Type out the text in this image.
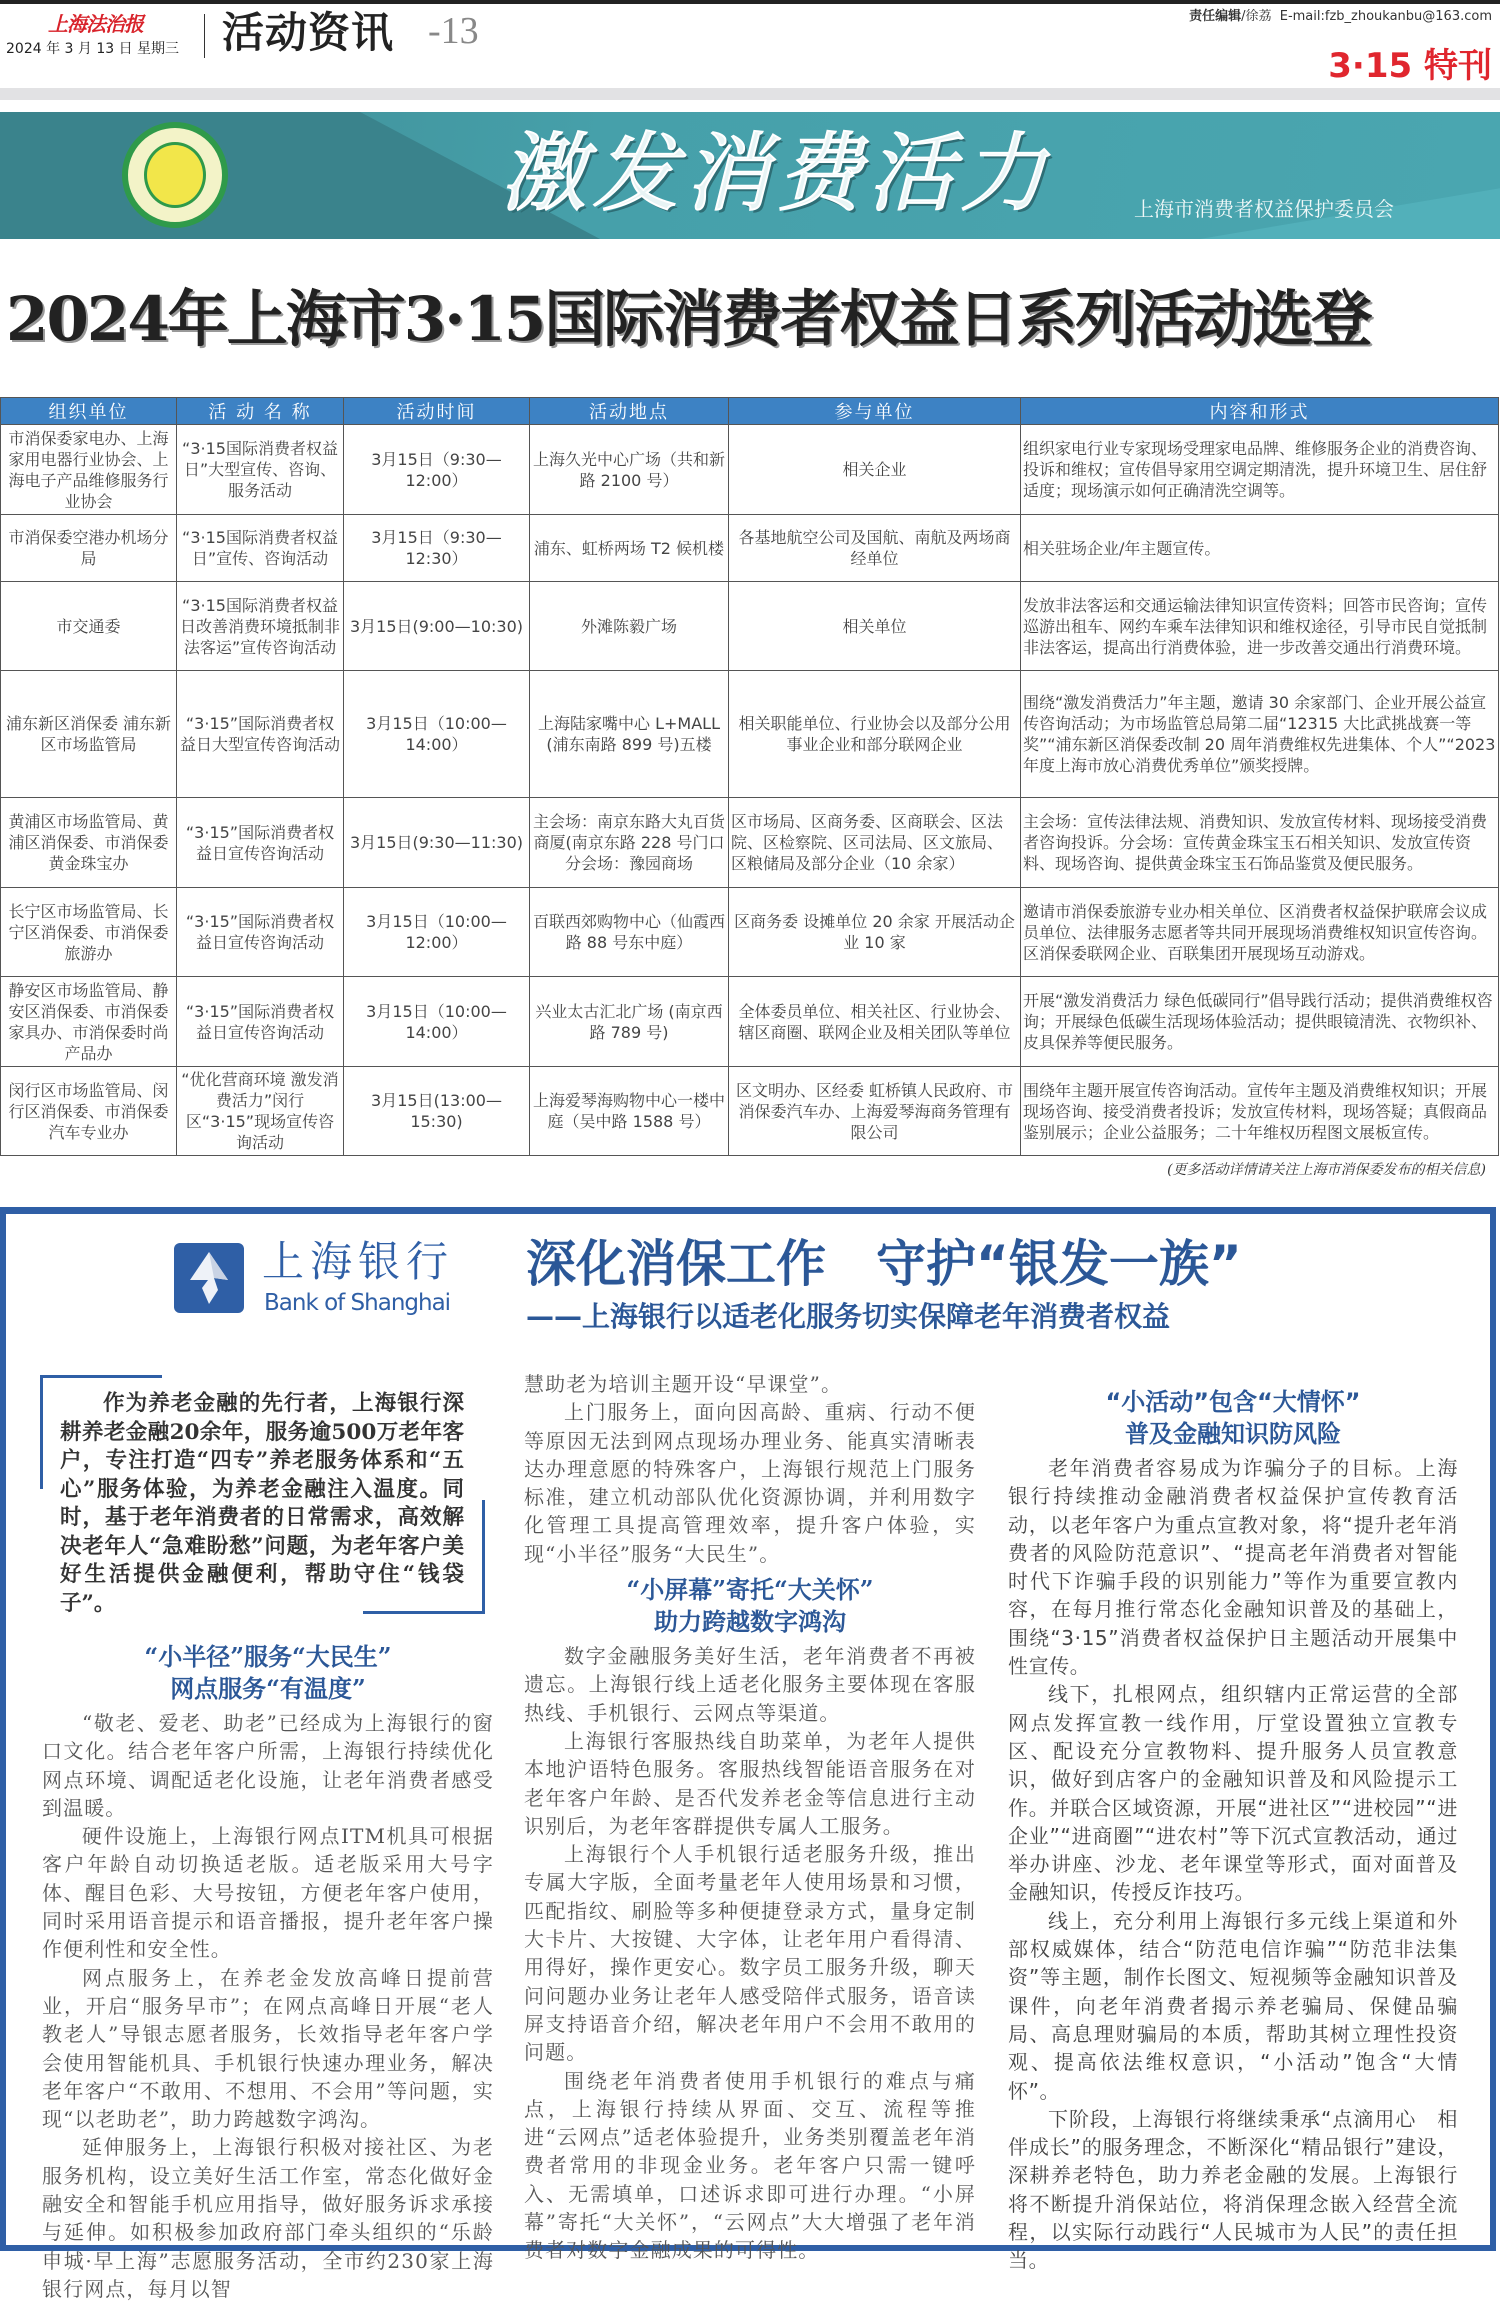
上海法治报
2024 年 3 月 13 日 星期三 活动资讯 -13	责任编辑/徐荔 E-mail:fzb_zhoukanbu@163.com
3·15 特刊
激发消费活力	上海市消费者权益保护委员会
2024年上海市3·15国际消费者权益日系列活动选登
组织单位	活 动 名 称	活动时间	活动地点	参与单位	内容和形式
市消保委家电办、上海家用电器行业协会、上海电子产品维修服务行业协会	“3·15国际消费者权益日”大型宣传、咨询、服务活动	3月15日（9:30—12:00）	上海久光中心广场（共和新路 2100 号）	相关企业	组织家电行业专家现场受理家电品牌、维修服务企业的消费咨询、投诉和维权；宣传倡导家用空调定期清洗，提升环境卫生、居住舒适度；现场演示如何正确清洗空调等。
市消保委空港办机场分局	“3·15国际消费者权益日”宣传、咨询活动	3月15日（9:30—12:30）	浦东、虹桥两场 T2 候机楼	各基地航空公司及国航、南航及两场商经单位	相关驻场企业/年主题宣传。
市交通委	“3·15国际消费者权益日改善消费环境抵制非法客运”宣传咨询活动	3月15日(9:00—10:30)	外滩陈毅广场	相关单位	发放非法客运和交通运输法律知识宣传资料；回答市民咨询；宣传巡游出租车、网约车乘车法律知识和维权途径，引导市民自觉抵制非法客运，提高出行消费体验，进一步改善交通出行消费环境。
浦东新区消保委 浦东新区市场监管局	“3·15”国际消费者权益日大型宣传咨询活动	3月15日（10:00—14:00）	上海陆家嘴中心 L+MALL (浦东南路 899 号)五楼	相关职能单位、行业协会以及部分公用事业企业和部分联网企业	围绕“激发消费活力”年主题，邀请 30 余家部门、企业开展公益宣传咨询活动；为市场监管总局第二届“12315 大比武挑战赛一等奖”“浦东新区消保委改制 20 周年消费维权先进集体、个人”“2023 年度上海市放心消费优秀单位”颁奖授牌。
黄浦区市场监管局、黄浦区消保委、市消保委黄金珠宝办	“3·15”国际消费者权益日宣传咨询活动	3月15日(9:30—11:30)	主会场：南京东路大丸百货商厦(南京东路 228 号门口 分会场：豫园商场	区市场局、区商务委、区商联会、区法院、区检察院、区司法局、区文旅局、区粮储局及部分企业（10 余家）	主会场：宣传法律法规、消费知识、发放宣传材料、现场接受消费者咨询投诉。分会场：宣传黄金珠宝玉石相关知识、发放宣传资料、现场咨询、提供黄金珠宝玉石饰品鉴赏及便民服务。
长宁区市场监管局、长宁区消保委、市消保委旅游办	“3·15”国际消费者权益日宣传咨询活动	3月15日（10:00—12:00）	百联西郊购物中心（仙霞西路 88 号东中庭）	区商务委 设摊单位 20 余家 开展活动企业 10 家	邀请市消保委旅游专业办相关单位、区消费者权益保护联席会议成员单位、法律服务志愿者等共同开展现场消费维权知识宣传咨询。区消保委联网企业、百联集团开展现场互动游戏。
静安区市场监管局、静安区消保委、市消保委家具办、市消保委时尚产品办	“3·15”国际消费者权益日宣传咨询活动	3月15日（10:00—14:00）	兴业太古汇北广场 (南京西路 789 号)	全体委员单位、相关社区、行业协会、辖区商圈、联网企业及相关团队等单位	开展“激发消费活力 绿色低碳同行”倡导践行活动；提供消费维权咨询；开展绿色低碳生活现场体验活动；提供眼镜清洗、衣物织补、皮具保养等便民服务。
闵行区市场监管局、闵行区消保委、市消保委汽车专业办	“优化营商环境 激发消费活力”闵行区“3·15”现场宣传咨询活动	3月15日(13:00—15:30)	上海爱琴海购物中心一楼中庭（吴中路 1588 号）	区文明办、区经委 虹桥镇人民政府、市消保委汽车办、上海爱琴海商务管理有限公司	围绕年主题开展宣传咨询活动。宣传年主题及消费维权知识；开展现场咨询、接受消费者投诉；发放宣传材料，现场答疑；真假商品鉴别展示；企业公益服务；二十年维权历程图文展板宣传。
(更多活动详情请关注上海市消保委发布的相关信息)
上海银行
Bank of Shanghai
深化消保工作　守护“银发一族”
——上海银行以适老化服务切实保障老年消费者权益
作为养老金融的先行者，上海银行深耕养老金融20余年，服务逾500万老年客户，专注打造“四专”养老服务体系和“五心”服务体验，为养老金融注入温度。同时，基于老年消费者的日常需求，高效解决老年人“急难盼愁”问题，为老年客户美好生活提供金融便利，帮助守住“钱袋子”。
“小半径”服务“大民生”
网点服务“有温度”

“敬老、爱老、助老”已经成为上海银行的窗口文化。结合老年客户所需，上海银行持续优化网点环境、调配适老化设施，让老年消费者感受到温暖。

硬件设施上，上海银行网点ITM机具可根据客户年龄自动切换适老版。适老版采用大号字体、醒目色彩、大号按钮，方便老年客户使用，同时采用语音提示和语音播报，提升老年客户操作便利性和安全性。

网点服务上，在养老金发放高峰日提前营业，开启“服务早市”；在网点高峰日开展“老人教老人”导银志愿者服务，长效指导老年客户学会使用智能机具、手机银行快速办理业务，解决老年客户“不敢用、不想用、不会用”等问题，实现“以老助老”，助力跨越数字鸿沟。

延伸服务上，上海银行积极对接社区、为老服务机构，设立美好生活工作室，常态化做好金融安全和智能手机应用指导，做好服务诉求承接与延伸。如积极参加政府部门牵头组织的“乐龄申城·早上海”志愿服务活动，全市约230家上海银行网点，每月以智

慧助老为培训主题开设“早课堂”。

上门服务上，面向因高龄、重病、行动不便等原因无法到网点现场办理业务、能真实清晰表达办理意愿的特殊客户，上海银行规范上门服务标准，建立机动部队优化资源协调，并利用数字化管理工具提高管理效率，提升客户体验，实现“小半径”服务“大民生”。

“小屏幕”寄托“大关怀”
助力跨越数字鸿沟

数字金融服务美好生活，老年消费者不再被遗忘。上海银行线上适老化服务主要体现在客服热线、手机银行、云网点等渠道。

上海银行客服热线自助菜单，为老年人提供本地沪语特色服务。客服热线智能语音服务在对老年客户年龄、是否代发养老金等信息进行主动识别后，为老年客群提供专属人工服务。

上海银行个人手机银行适老服务升级，推出专属大字版，全面考量老年人使用场景和习惯，匹配指纹、刷脸等多种便捷登录方式，量身定制大卡片、大按键、大字体，让老年用户看得清、用得好，操作更安心。数字员工服务升级，聊天问问题办业务让老年人感受陪伴式服务，语音读屏支持语音介绍，解决老年用户不会用不敢用的问题。

围绕老年消费者使用手机银行的难点与痛点，上海银行持续从界面、交互、流程等推进“云网点”适老体验提升，业务类别覆盖老年消费者常用的非现金业务。老年客户只需一键呼入、无需填单，口述诉求即可进行办理。“小屏幕”寄托“大关怀”，“云网点”大大增强了老年消费者对数字金融成果的可得性。

“小活动”包含“大情怀”
普及金融知识防风险

老年消费者容易成为诈骗分子的目标。上海银行持续推动金融消费者权益保护宣传教育活动，以老年客户为重点宣教对象，将“提升老年消费者的风险防范意识”、“提高老年消费者对智能时代下诈骗手段的识别能力”等作为重要宣教内容，在每月推行常态化金融知识普及的基础上，围绕“3·15”消费者权益保护日主题活动开展集中性宣传。

线下，扎根网点，组织辖内正常运营的全部网点发挥宣教一线作用，厅堂设置独立宣教专区、配设充分宣教物料、提升服务人员宣教意识，做好到店客户的金融知识普及和风险提示工作。并联合区域资源，开展“进社区”“进校园”“进企业”“进商圈”“进农村”等下沉式宣教活动，通过举办讲座、沙龙、老年课堂等形式，面对面普及金融知识，传授反诈技巧。

线上，充分利用上海银行多元线上渠道和外部权威媒体，结合“防范电信诈骗”“防范非法集资”等主题，制作长图文、短视频等金融知识普及课件，向老年消费者揭示养老骗局、保健品骗局、高息理财骗局的本质，帮助其树立理性投资观、提高依法维权意识，“小活动”饱含“大情怀”。

下阶段，上海银行将继续秉承“点滴用心　相伴成长”的服务理念，不断深化“精品银行”建设，深耕养老特色，助力养老金融的发展。上海银行将不断提升消保站位，将消保理念嵌入经营全流程，以实际行动践行“人民城市为人民”的责任担当。
